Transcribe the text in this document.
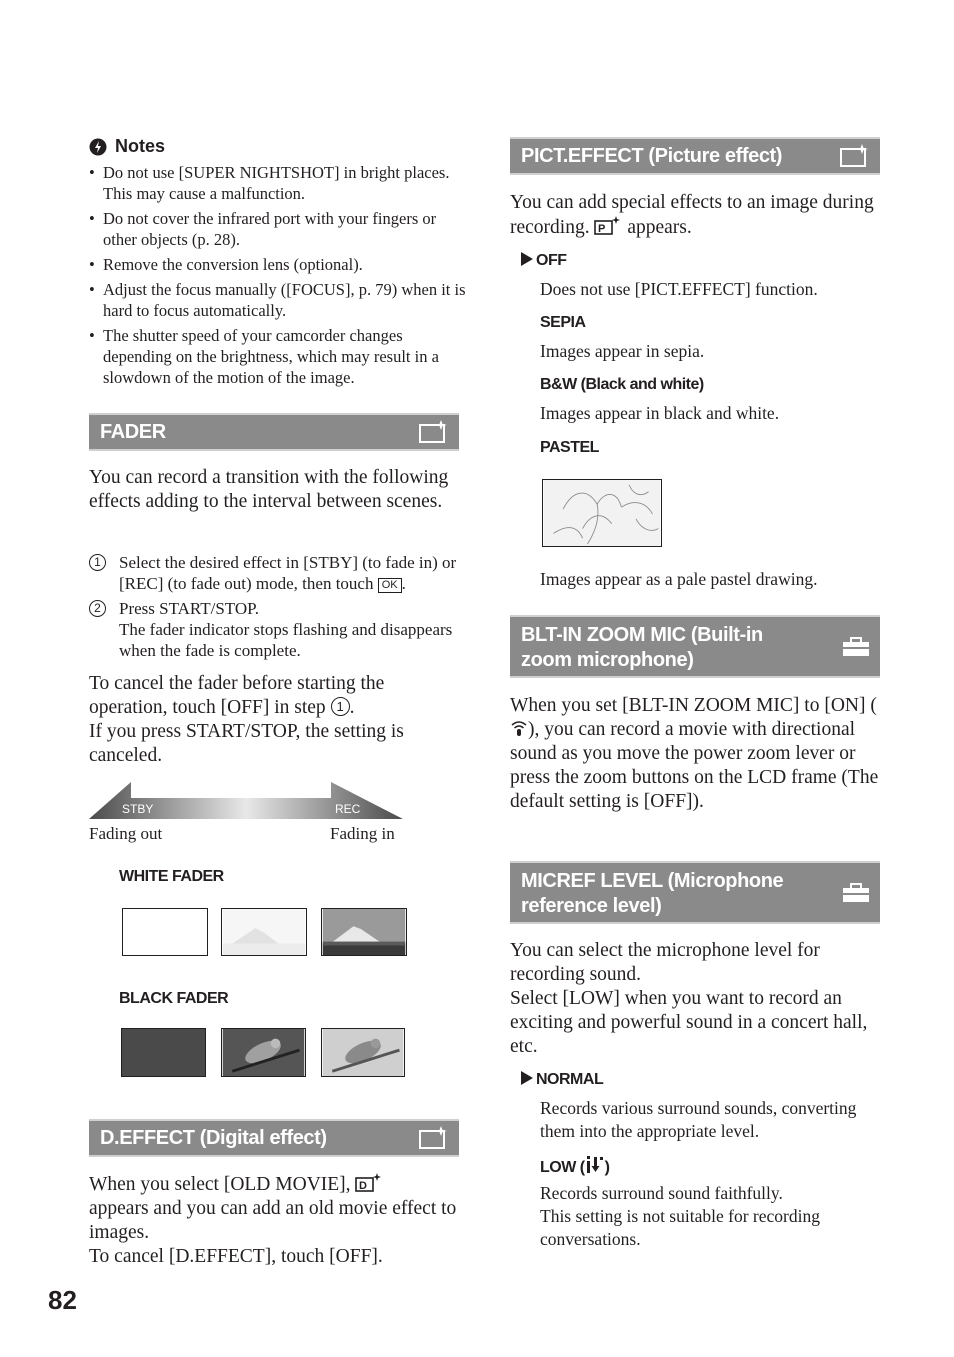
Notes
• Do not use [SUPER NIGHTSHOT] in bright places. This may cause a malfunction.
• Do not cover the infrared port with your fingers or other objects (p. 28).
• Remove the conversion lens (optional).
• Adjust the focus manually ([FOCUS], p. 79) when it is hard to focus automatically.
• The shutter speed of your camcorder changes depending on the brightness, which may result in a slowdown of the motion of the image.
FADER
You can record a transition with the following effects adding to the interval between scenes.
1	Select the desired effect in [STBY] (to fade in) or [REC] (to fade out) mode, then touch OK .
2	Press START/STOP.
The fader indicator stops flashing and disappears when the fade is complete.
To cancel the fader before starting the operation, touch [OFF] in step 1 .
If you press START/STOP, the setting is canceled.
STBY	REC
Fading out	Fading in
WHITE FADER
BLACK FADER
D.EFFECT (Digital effect)
When you select [OLD MOVIE], D

appears and you can add an old movie effect to images.
To cancel [D.EFFECT], touch [OFF].
82
PICT.EFFECT (Picture effect)
You can add special effects to an image during recording. P appears.
OFF
Does not use [PICT.EFFECT] function.
SEPIA
Images appear in sepia.
B&W (Black and white)
Images appear in black and white.
PASTEL
Images appear as a pale pastel drawing.
BLT-IN ZOOM MIC (Built-in
zoom microphone)
When you set [BLT-IN ZOOM MIC] to [ON] (), you can record a movie with directional sound as you move the power zoom lever or press the zoom buttons on the LCD frame (The default setting is [OFF]).
MICREF LEVEL (Microphone
reference level)
You can select the microphone level for recording sound.
Select [LOW] when you want to record an exciting and powerful sound in a concert hall, etc.
NORMAL
Records various surround sounds, converting them into the appropriate level.
LOW ( )
Records surround sound faithfully.
This setting is not suitable for recording conversations.
